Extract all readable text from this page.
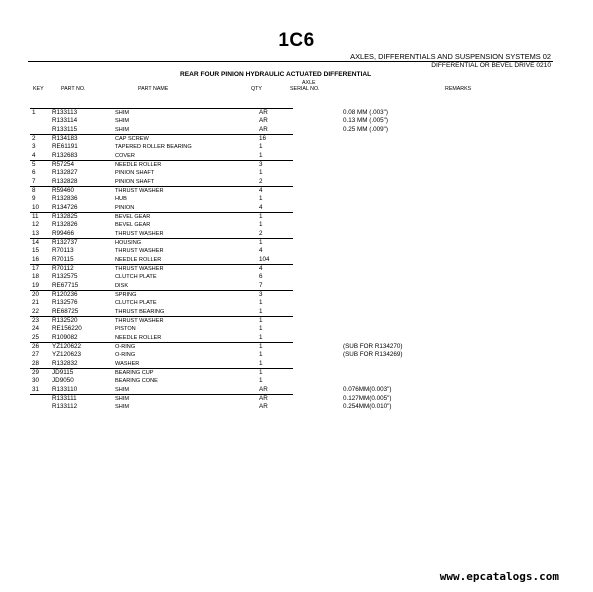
1C6
AXLES, DIFFERENTIALS AND SUSPENSION SYSTEMS 02
DIFFERENTIAL OR BEVEL DRIVE 0210
REAR FOUR PINION HYDRAULIC ACTUATED DIFFERENTIAL
KEY	PART NO.	PART NAME	QTY
AXLE
SERIAL NO.	REMARKS
1	R133113	SHIM	AR	0.08 MM (.003")
R133114	SHIM	AR	0.13 MM (.005")
R133115	SHIM	AR	0.25 MM (.009")
2	R134183	CAP SCREW	16
3	RE61191	TAPERED ROLLER BEARING	1
4	R132683	COVER	1
5	R57254	NEEDLE ROLLER	3
6	R132827	PINION SHAFT	1
7	R132828	PINION SHAFT	2
8	R59460	THRUST WASHER	4
9	R132836	HUB	1
10 R134726	PINION	4
11 R132825	BEVEL GEAR	1
12 R132826	BEVEL GEAR	1
13 R99466	THRUST WASHER	2
14 R132737	HOUSING	1
15 R70113	THRUST WASHER	4
16 R70115	NEEDLE ROLLER	104
17 R70112	THRUST WASHER	4
18 R132575	CLUTCH PLATE	6
19 RE67715	DISK	7
20 R120236	SPRING	3
21 R132576	CLUTCH PLATE	1
22 RE68725	THRUST BEARING	1
23 R132520	THRUST WASHER	1
24 RE156220	PISTON	1
25 R109082	NEEDLE ROLLER	1
26 YZ120622	O-RING	1	(SUB FOR R134270)
27 YZ120623	O-RING	1	(SUB FOR R134269)
28 R132832	WASHER	1
29 JD9115	BEARING CUP	1
30 JD9050	BEARING CONE	1
31 R133110	SHIM	AR	0.076MM(0.003")
R133111	SHIM	AR	0.127MM(0.005")
R133112	SHIM	AR	0.254MM(0.010")
www.epcatalogs.com
